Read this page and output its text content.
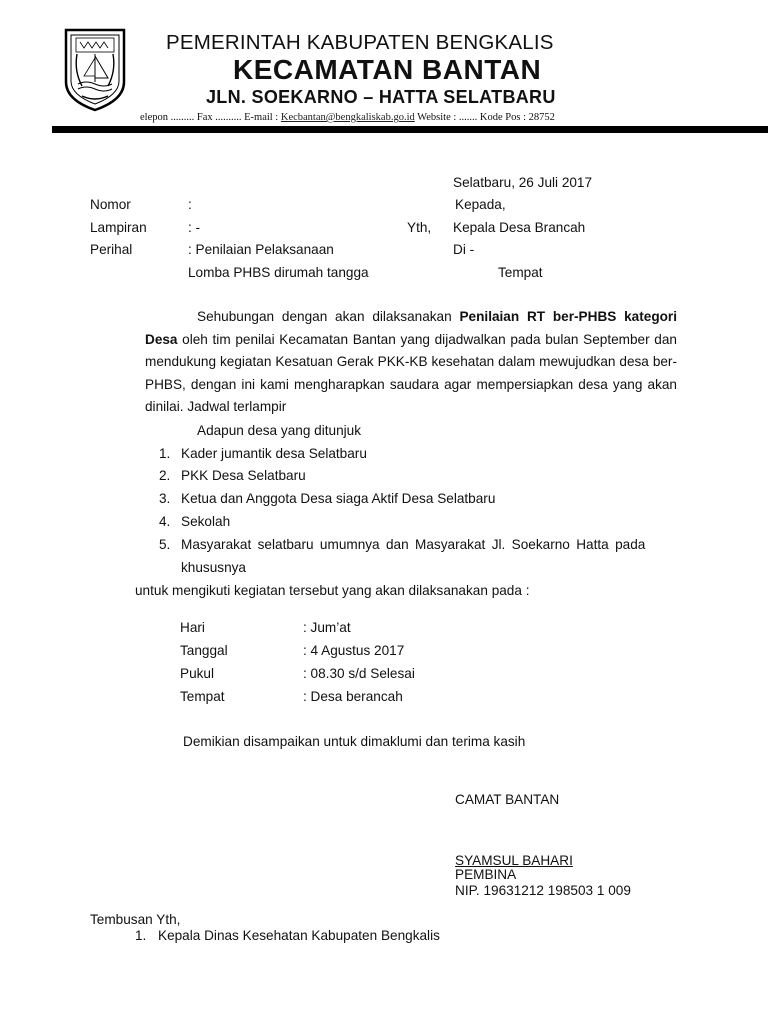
PEMERINTAH KABUPATEN BENGKALIS
KECAMATAN BANTAN
JLN. SOEKARNO – HATTA SELATBARU
elepon ......... Fax .......... E-mail : Kecbantan@bengkaliskab.go.id Website : ....... Kode Pos : 28752
Selatbaru, 26 Juli 2017
Nomor	:	Kepada,
Lampiran	: -	Yth, Kepala Desa Brancah
Perihal	: Penilaian Pelaksanaan	Di -
Lomba PHBS dirumah tangga	Tempat
Sehubungan dengan akan dilaksanakan Penilaian RT ber-PHBS kategori Desa oleh tim penilai Kecamatan Bantan yang dijadwalkan pada bulan September dan mendukung kegiatan Kesatuan Gerak PKK-KB kesehatan dalam mewujudkan desa ber-PHBS, dengan ini kami mengharapkan saudara agar mempersiapkan desa yang akan dinilai. Jadwal terlampir
Adapun desa yang ditunjuk
1. Kader jumantik desa Selatbaru
2. PKK Desa Selatbaru
3. Ketua dan Anggota Desa siaga Aktif Desa Selatbaru
4. Sekolah
5. Masyarakat selatbaru umumnya dan Masyarakat Jl. Soekarno Hatta pada
khususnya
untuk mengikuti kegiatan tersebut yang akan dilaksanakan pada :
Hari	: Jum’at
Tanggal	: 4 Agustus 2017
Pukul	: 08.30 s/d Selesai
Tempat	: Desa berancah
Demikian disampaikan untuk dimaklumi dan terima kasih
CAMAT BANTAN
SYAMSUL BAHARI
PEMBINA
NIP. 19631212 198503 1 009
Tembusan Yth,
1. Kepala Dinas Kesehatan Kabupaten Bengkalis
